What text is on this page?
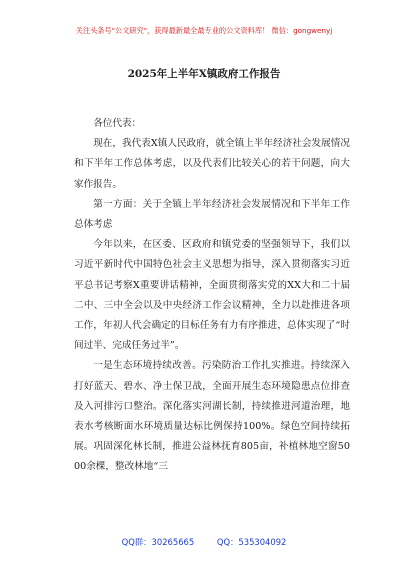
关注头条号"公文研究"，获得最新最全最专业的公文资料库！ 微信：gongwenyj
2025年上半年X镇政府工作报告

各位代表：

现在，我代表X镇人民政府，就全镇上半年经济社会发展情况和下半年工作总体考虑，以及代表们比较关心的若干问题，向大家作报告。

第一方面：关于全镇上半年经济社会发展情况和下半年工作总体考虑

今年以来，在区委、区政府和镇党委的坚强领导下，我们以习近平新时代中国特色社会主义思想为指导，深入贯彻落实习近平总书记考察X重要讲话精神，全面贯彻落实党的XX大和二十届二中、三中全会以及中央经济工作会议精神，全力以赴推进各项工作，年初人代会确定的目标任务有力有序推进，总体实现了“时间过半、完成任务过半”。

一是生态环境持续改善。污染防治工作扎实推进。持续深入打好蓝天、碧水、净土保卫战，全面开展生态环境隐患点位排查及入河排污口整治。深化落实河湖长制，持续推进河道治理，地表水考核断面水环境质量达标比例保持100%。绿色空间持续拓展。巩固深化林长制，推进公益林抚育805亩，补植林地空窗5000余棵，整改林地“三

QQ群：30265665	QQ：535304092
